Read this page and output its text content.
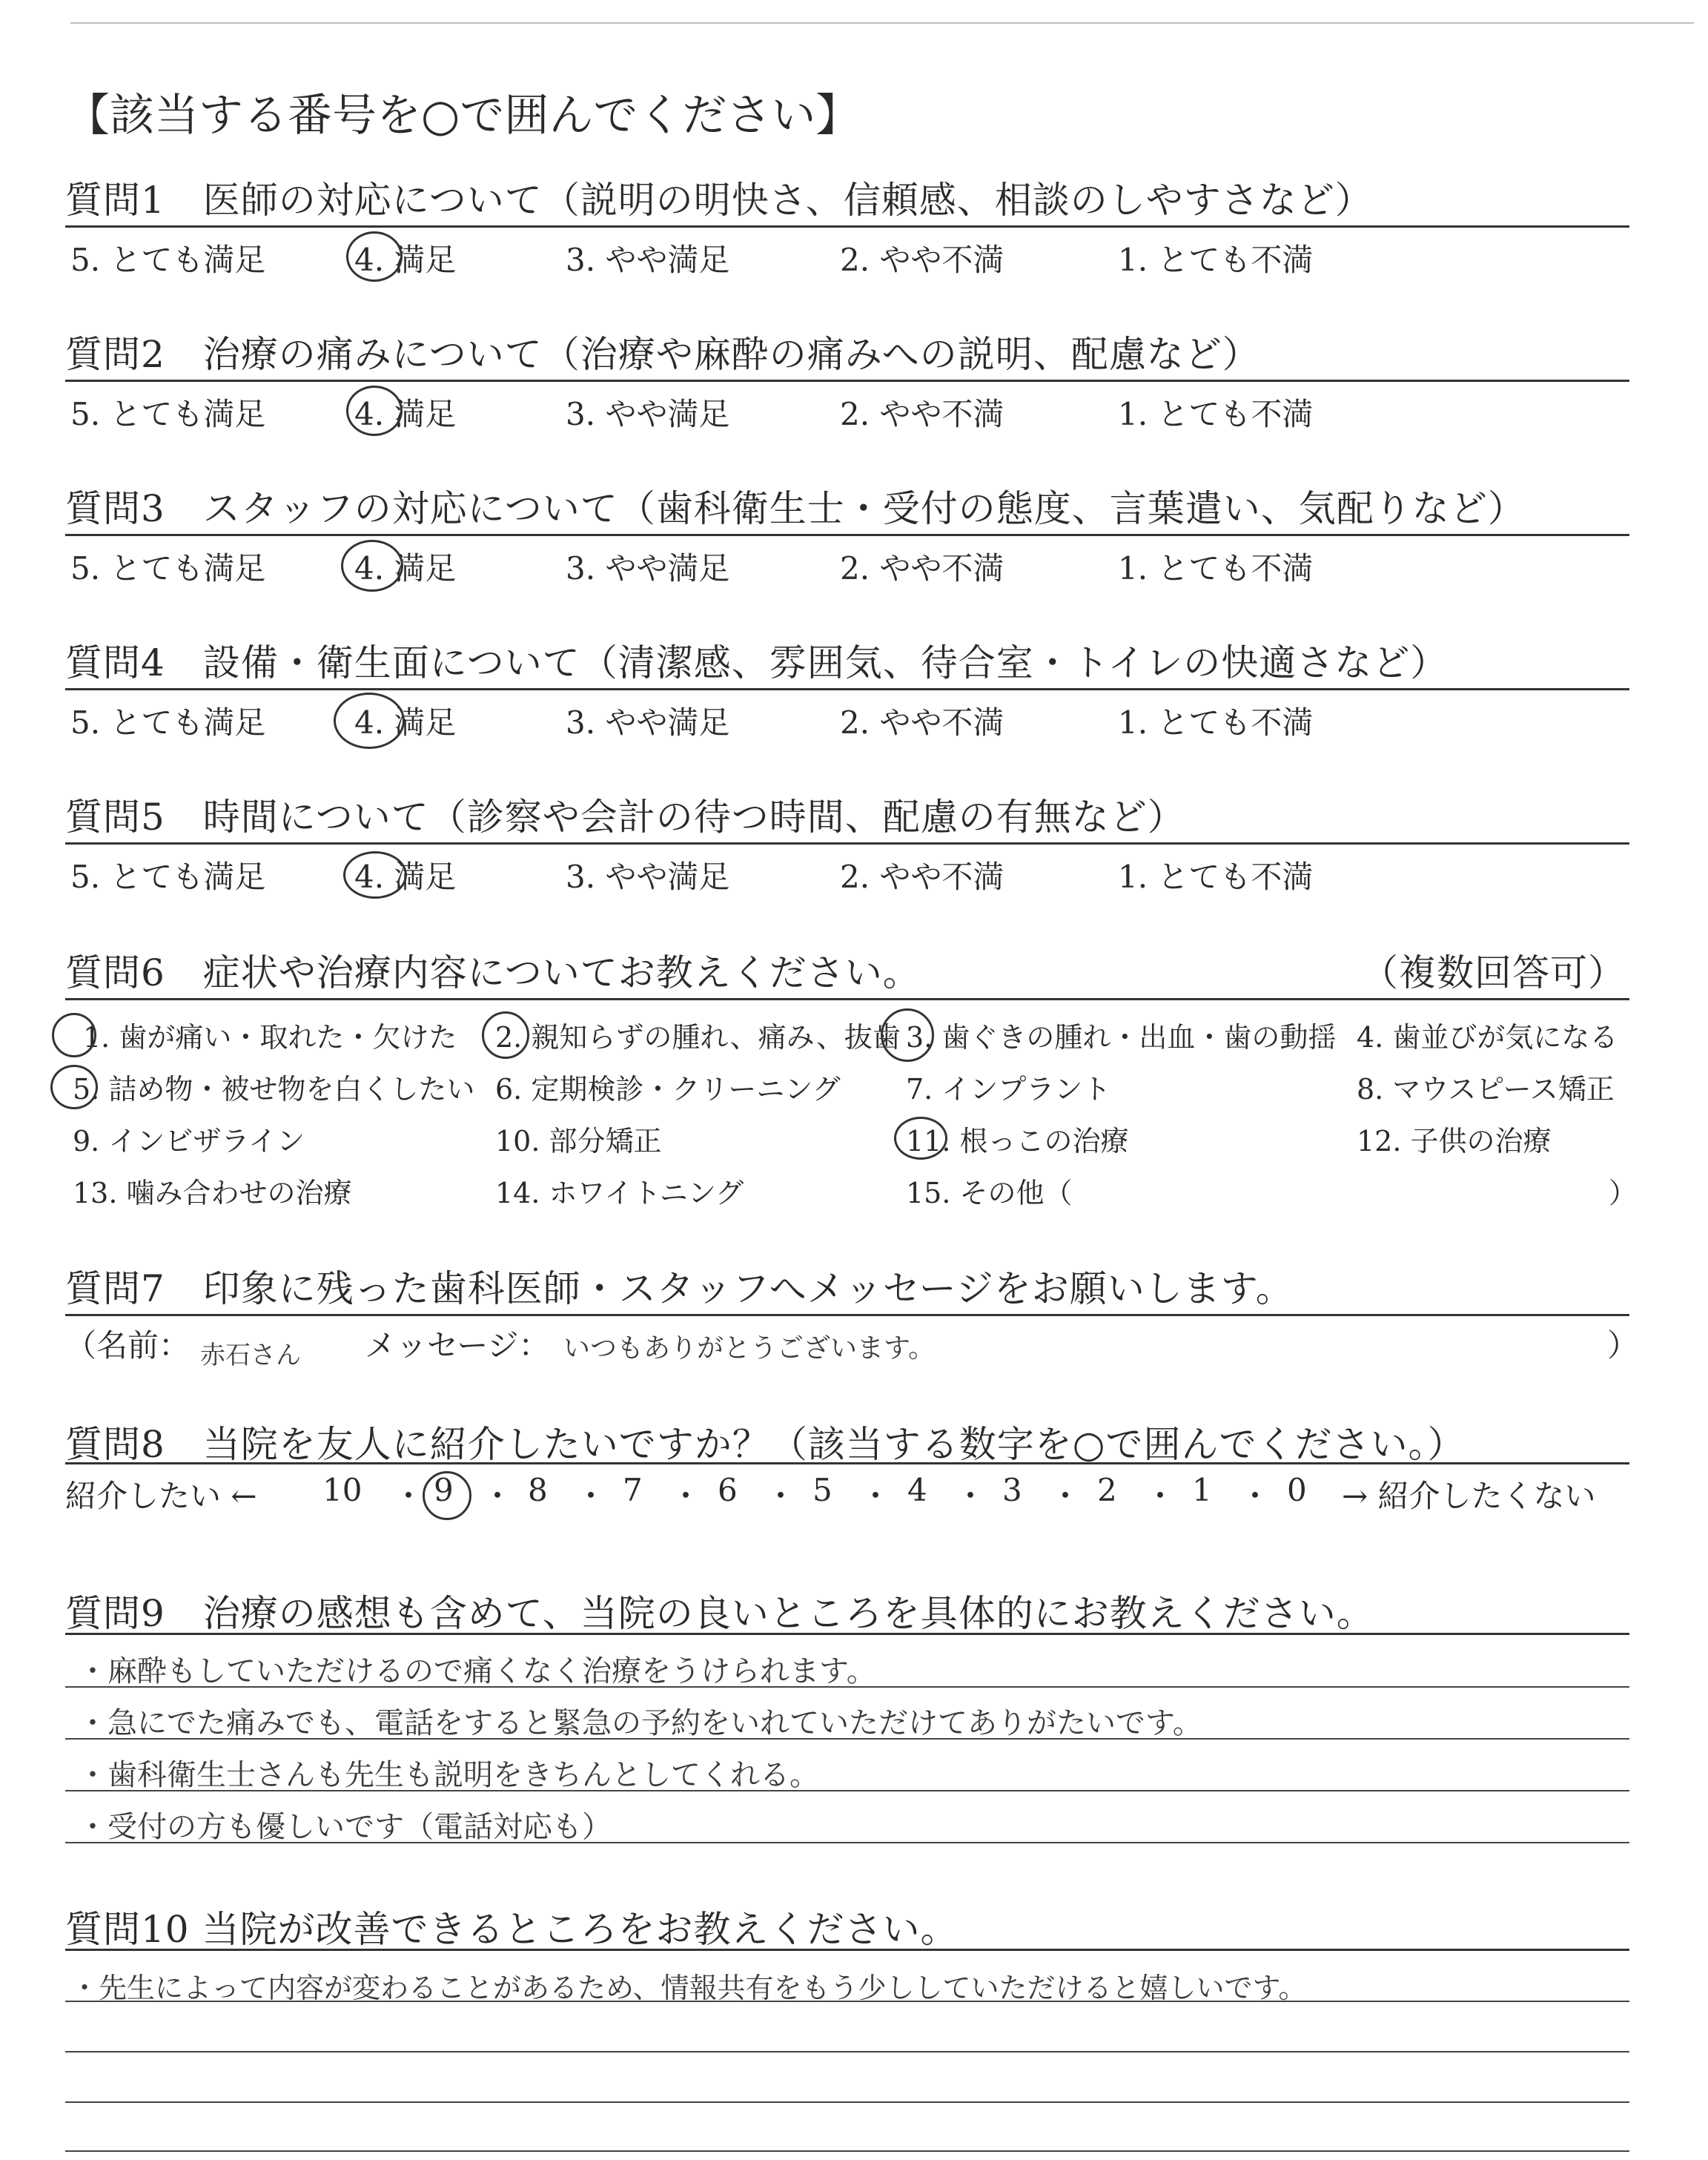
【該当する番号を○で囲んでください】
質問1　医師の対応について（説明の明快さ、信頼感、相談のしやすさなど）
5. とても満足	4. 満足	3. やや満足	2. やや不満	1. とても不満
質問2　治療の痛みについて（治療や麻酔の痛みへの説明、配慮など）
5. とても満足	4. 満足	3. やや満足	2. やや不満	1. とても不満
質問3　スタッフの対応について（歯科衛生士・受付の態度、言葉遣い、気配りなど）
5. とても満足	4. 満足	3. やや満足	2. やや不満	1. とても不満
質問4　設備・衛生面について（清潔感、雰囲気、待合室・トイレの快適さなど）
5. とても満足	4. 満足	3. やや満足	2. やや不満	1. とても不満
質問5　時間について（診察や会計の待つ時間、配慮の有無など）
5. とても満足	4. 満足	3. やや満足	2. やや不満	1. とても不満
質問6　症状や治療内容についてお教えください。	（複数回答可）
1. 歯が痛い・取れた・欠けた 2. 親知らずの腫れ、痛み、抜歯 3. 歯ぐきの腫れ・出血・歯の動揺 4. 歯並びが気になる
5. 詰め物・被せ物を白くしたい 6. 定期検診・クリーニング 7. インプラント	8. マウスピース矯正
9. インビザライン	10. 部分矯正	11. 根っこの治療	12. 子供の治療
13. 噛み合わせの治療	14. ホワイトニング	15. その他（	）
質問7　印象に残った歯科医師・スタッフへメッセージをお願いします。
（名前： 赤石さん メッセージ： いつもありがとうございます。	）
質問8　当院を友人に紹介したいですか？（該当する数字を○で囲んでください。）
紹介したい ← 10 ・ 9 ・ 8 ・ 7 ・ 6 ・ 5 ・ 4 ・ 3 ・ 2 ・ 1 ・ 0 → 紹介したくない
質問9　治療の感想も含めて、当院の良いところを具体的にお教えください。
・麻酔もしていただけるので痛くなく治療をうけられます。
・急にでた痛みでも、電話をすると緊急の予約をいれていただけてありがたいです。
・歯科衛生士さんも先生も説明をきちんとしてくれる。
・受付の方も優しいです（電話対応も）
質問10 当院が改善できるところをお教えください。
・先生によって内容が変わることがあるため、情報共有をもう少ししていただけると嬉しいです。
